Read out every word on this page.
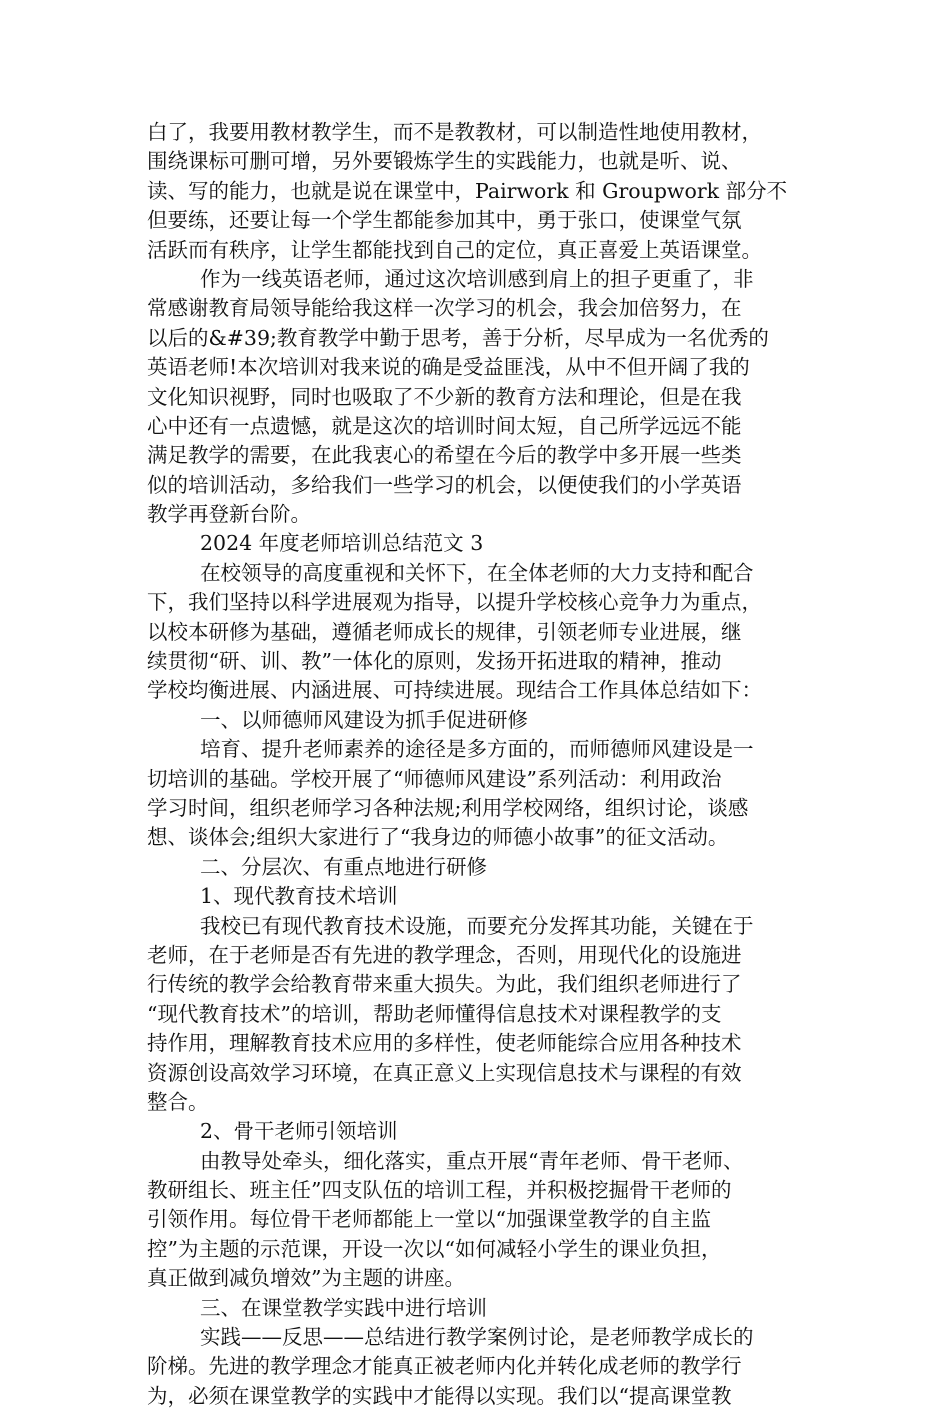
白了，我要用教材教学生，而不是教教材，可以制造性地使用教材，
围绕课标可删可增，另外要锻炼学生的实践能力，也就是听、说、
读、写的能力，也就是说在课堂中，Pairwork 和 Groupwork 部分不
但要练，还要让每一个学生都能参加其中，勇于张口，使课堂气氛
活跃而有秩序，让学生都能找到自己的定位，真正喜爱上英语课堂。
作为一线英语老师，通过这次培训感到肩上的担子更重了，非
常感谢教育局领导能给我这样一次学习的机会，我会加倍努力，在
以后的&#39;教育教学中勤于思考，善于分析，尽早成为一名优秀的
英语老师!本次培训对我来说的确是受益匪浅，从中不但开阔了我的
文化知识视野，同时也吸取了不少新的教育方法和理论，但是在我
心中还有一点遗憾，就是这次的培训时间太短，自己所学远远不能
满足教学的需要，在此我衷心的希望在今后的教学中多开展一些类
似的培训活动，多给我们一些学习的机会，以便使我们的小学英语
教学再登新台阶。
2024 年度老师培训总结范文 3
在校领导的高度重视和关怀下，在全体老师的大力支持和配合
下，我们坚持以科学进展观为指导，以提升学校核心竞争力为重点，
以校本研修为基础，遵循老师成长的规律，引领老师专业进展，继
续贯彻“研、训、教”一体化的原则，发扬开拓进取的精神，推动
学校均衡进展、内涵进展、可持续进展。现结合工作具体总结如下：
一、以师德师风建设为抓手促进研修
培育、提升老师素养的途径是多方面的，而师德师风建设是一
切培训的基础。学校开展了“师德师风建设”系列活动：利用政治
学习时间，组织老师学习各种法规;利用学校网络，组织讨论，谈感
想、谈体会;组织大家进行了“我身边的师德小故事”的征文活动。
二、分层次、有重点地进行研修
1、现代教育技术培训
我校已有现代教育技术设施，而要充分发挥其功能，关键在于
老师，在于老师是否有先进的教学理念，否则，用现代化的设施进
行传统的教学会给教育带来重大损失。为此，我们组织老师进行了
“现代教育技术”的培训，帮助老师懂得信息技术对课程教学的支
持作用，理解教育技术应用的多样性，使老师能综合应用各种技术
资源创设高效学习环境，在真正意义上实现信息技术与课程的有效
整合。
2、骨干老师引领培训
由教导处牵头，细化落实，重点开展“青年老师、骨干老师、
教研组长、班主任”四支队伍的培训工程，并积极挖掘骨干老师的
引领作用。每位骨干老师都能上一堂以“加强课堂教学的自主监
控”为主题的示范课，开设一次以“如何减轻小学生的课业负担，
真正做到减负增效”为主题的讲座。
三、在课堂教学实践中进行培训
实践——反思——总结进行教学案例讨论，是老师教学成长的
阶梯。先进的教学理念才能真正被老师内化并转化成老师的教学行
为，必须在课堂教学的实践中才能得以实现。我们以“提高课堂教
